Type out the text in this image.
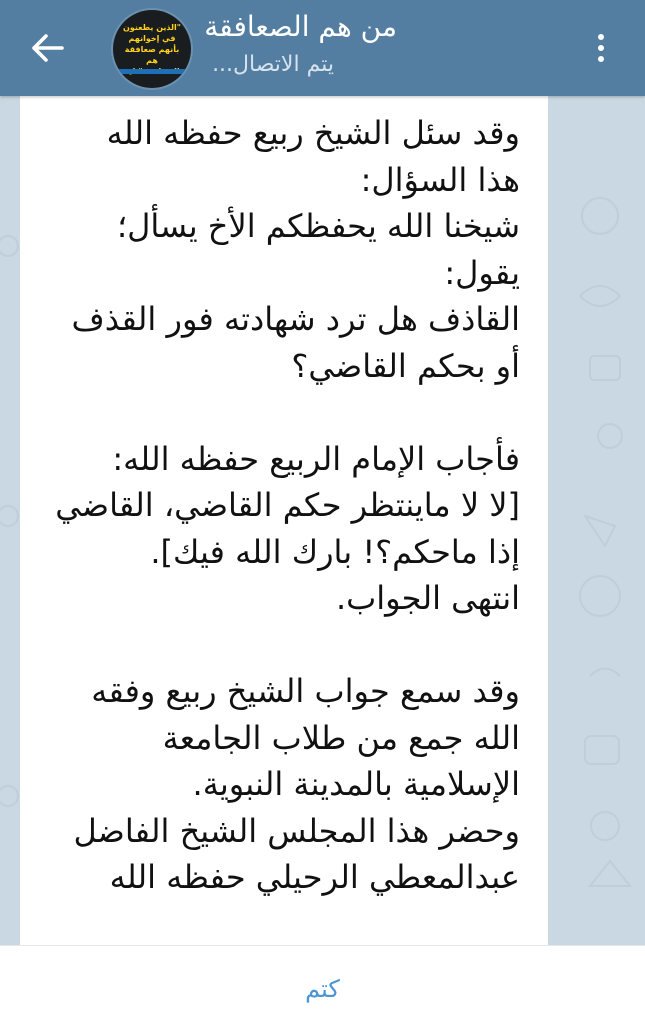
"الذين يطعنون في إخوانهم بأنهم صعافقة هم
من هم الصعافقة
يتم الاتصال...
وقد سئل الشيخ ربيع حفظه الله
هذا السؤال:
شيخنا الله يحفظكم الأخ يسأل؛
يقول:
القاذف هل ترد شهادته فور القذف
أو بحكم القاضي؟
فأجاب الإمام الربيع حفظه الله:
[لا لا ماينتظر حكم القاضي، القاضي
إذا ماحكم؟! بارك الله فيك].
انتهى الجواب.
وقد سمع جواب الشيخ ربيع وفقه
الله جمع من طلاب الجامعة
الإسلامية بالمدينة النبوية.
وحضر هذا المجلس الشيخ الفاضل
عبدالمعطي الرحيلي حفظه الله
كتم
